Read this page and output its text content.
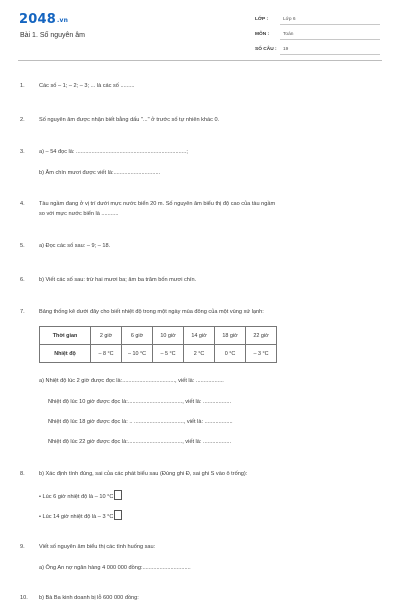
2048.vn
Bài 1. Số nguyên âm
LỚP :	Lớp 6
MÔN :	Toán
SỐ CÂU : 19
1.	Các số – 1; – 2; – 3; ... là các số .........
2.	Số nguyên âm được nhận biết bằng dấu "..." ở trước số tự nhiên khác 0.
3.	a) – 54 đọc là: .......................................................................;
b) Âm chín mươi được viết là:..............................
4.	Tàu ngầm đang ở vị trí dưới mực nước biển 20 m. Số nguyên âm biểu thị độ cao của tàu ngầm
so với mực nước biển là ...........
5.	a) Đọc các số sau: – 9; – 18.
6.	b) Viết các số sau: trừ hai mươi ba; âm ba trăm bốn mươi chín.
7.	Bảng thống kê dưới đây cho biết nhiệt độ trong một ngày mùa đông của một vùng xứ lạnh:
Thời gian	2 giờ	6 giờ	10 giờ	14 giờ	18 giờ	22 giờ
Nhiệt độ	– 8 °C	– 10 °C	– 5 °C	2 °C	0 °C	– 3 °C
a) Nhiệt độ lúc 2 giờ được đọc là:.................................., viết là: ..................
Nhiệt độ lúc 10 giờ được đọc là:..................................., viết là: ..................
Nhiệt độ lúc 18 giờ được đọc là: .. ................................, viết là: ..................
Nhiệt độ lúc 22 giờ được đọc là:..................................., viết là: ..................
8.	b) Xác định tính đúng, sai của các phát biểu sau (Đúng ghi Đ, sai ghi S vào ô trống):
• Lúc 6 giờ nhiệt độ là – 10 °C
• Lúc 14 giờ nhiệt độ là – 3 °C
9.	Viết số nguyên âm biểu thị các tình huống sau:
a) Ông An nợ ngân hàng 4 000 000 đồng:...............................
10. b) Bà Ba kinh doanh bị lỗ 600 000 đồng:
